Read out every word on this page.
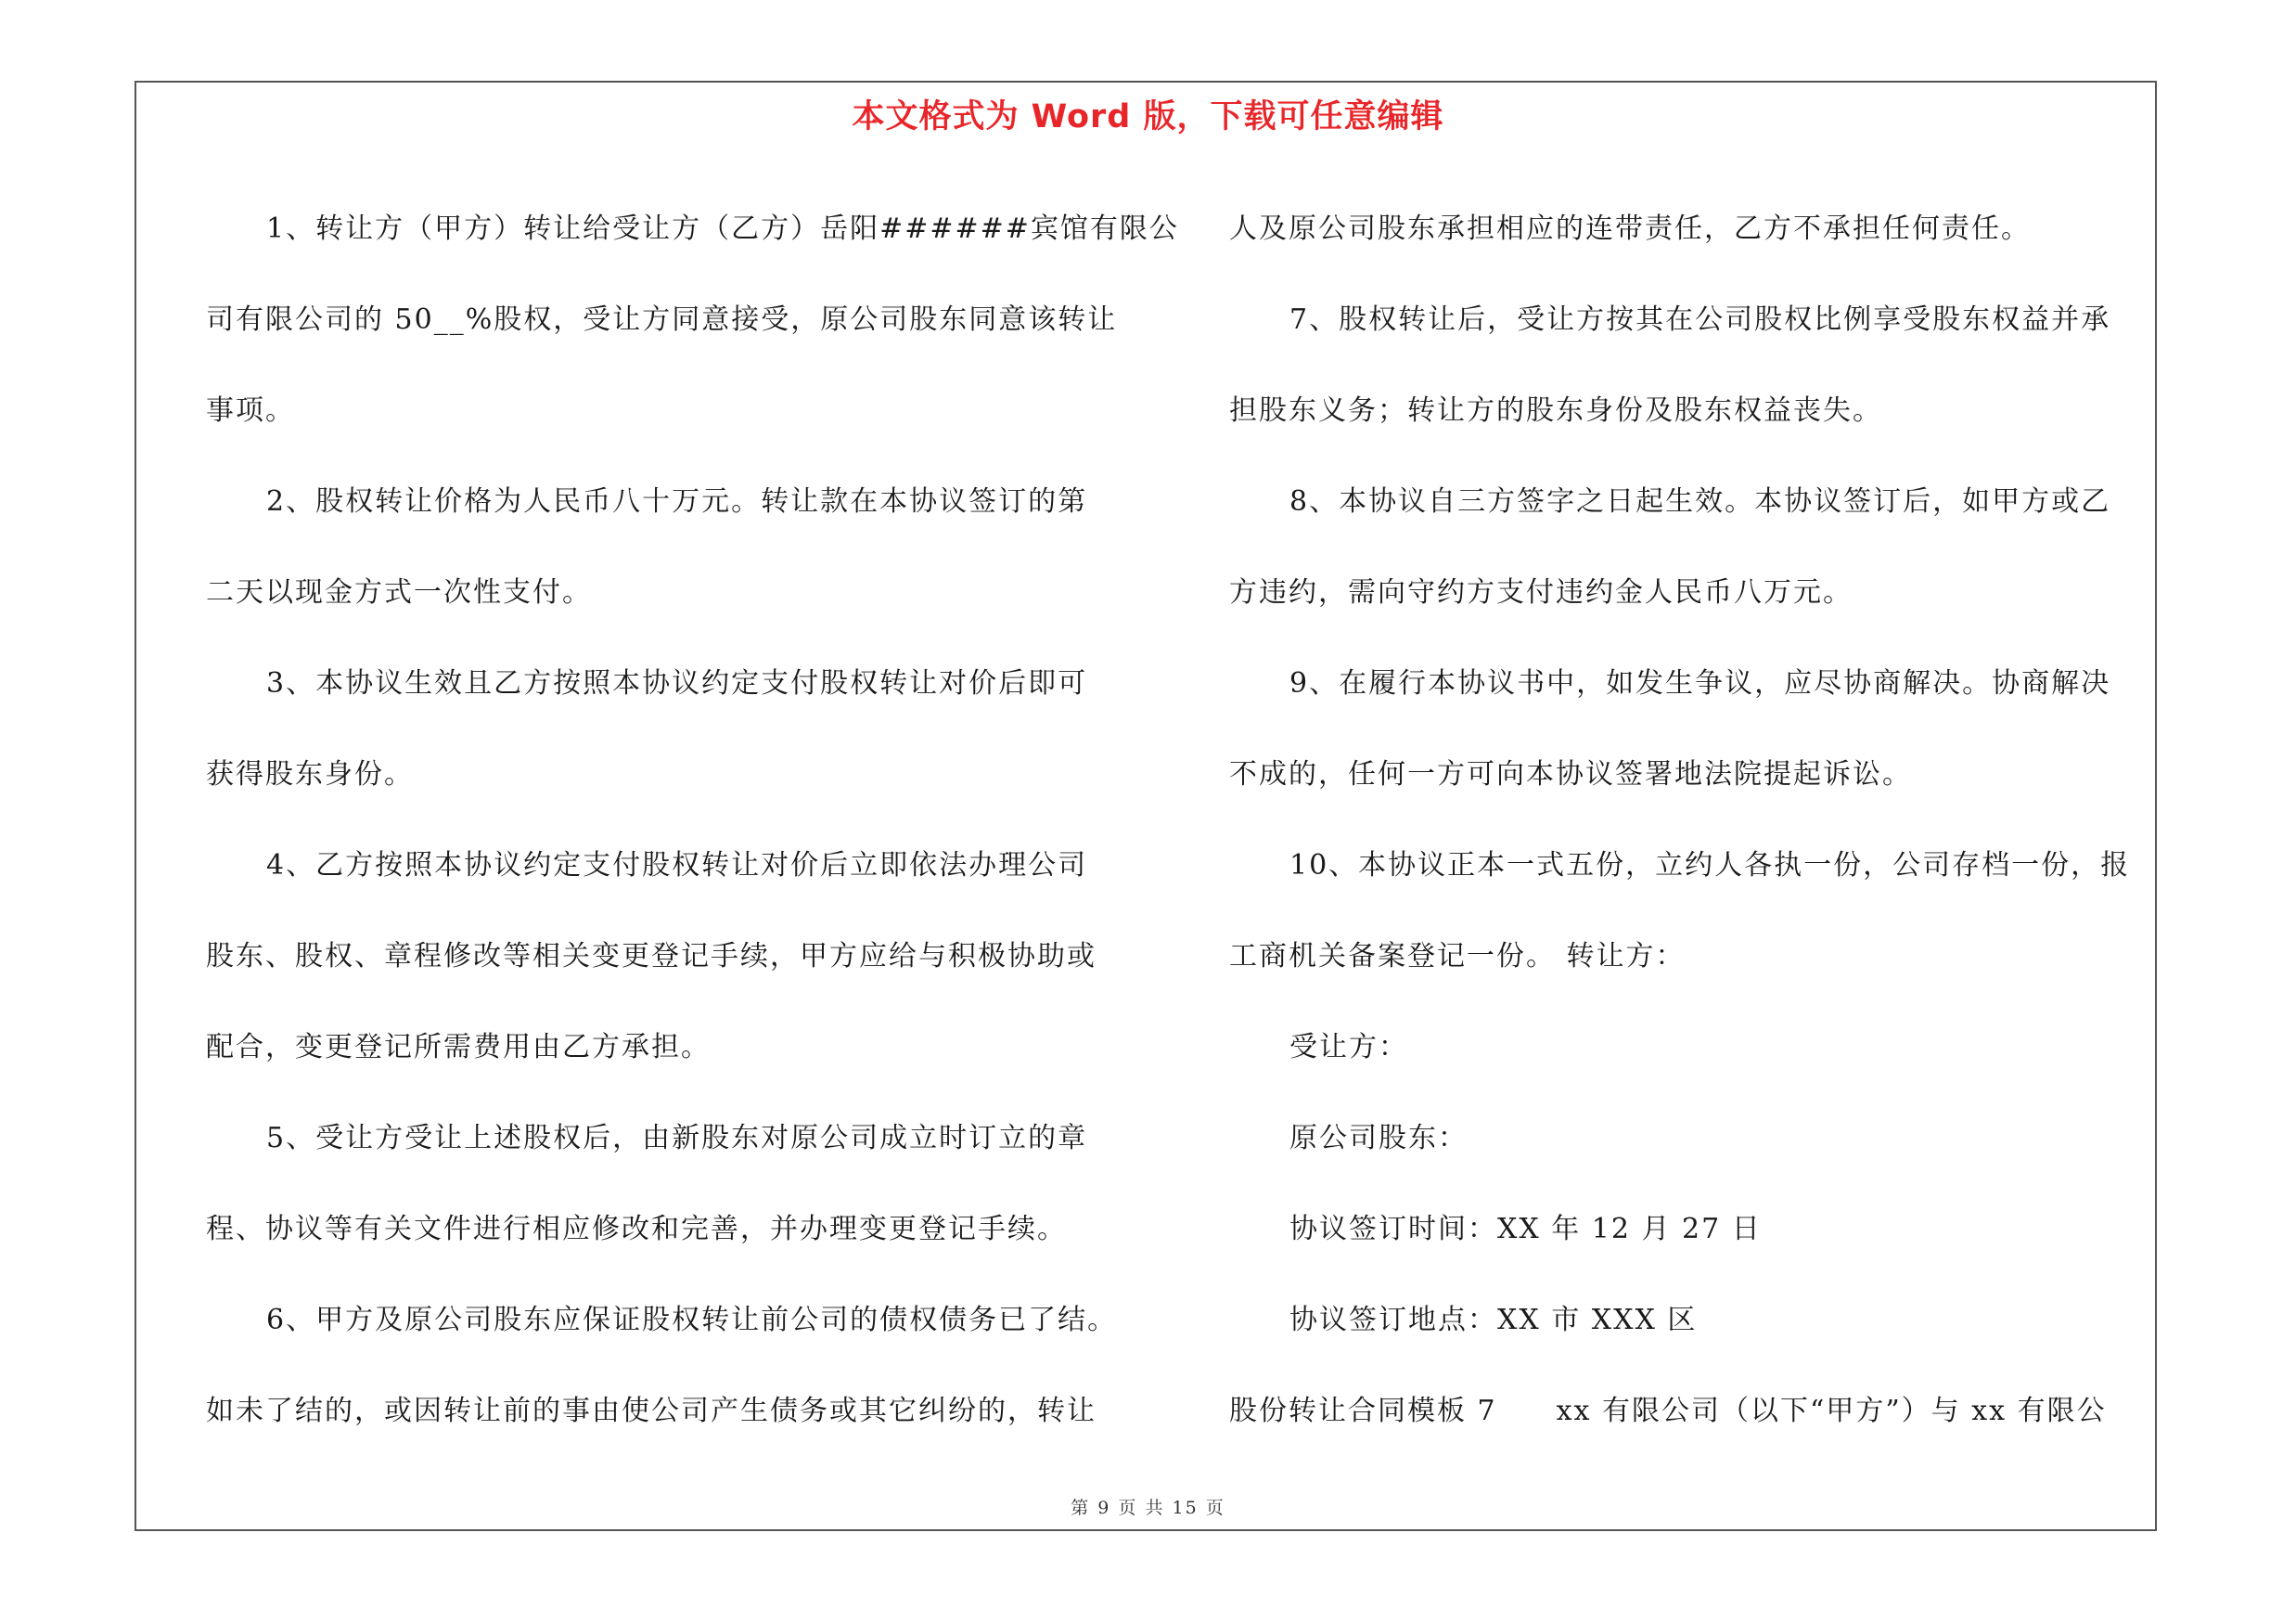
本文格式为 Word 版，下载可任意编辑
1、转让方（甲方）转让给受让方（乙方）岳阳######宾馆有限公
司有限公司的 50__%股权，受让方同意接受，原公司股东同意该转让
事项。
2、股权转让价格为人民币八十万元。转让款在本协议签订的第
二天以现金方式一次性支付。
3、本协议生效且乙方按照本协议约定支付股权转让对价后即可
获得股东身份。
4、乙方按照本协议约定支付股权转让对价后立即依法办理公司
股东、股权、章程修改等相关变更登记手续，甲方应给与积极协助或
配合，变更登记所需费用由乙方承担。
5、受让方受让上述股权后，由新股东对原公司成立时订立的章
程、协议等有关文件进行相应修改和完善，并办理变更登记手续。
6、甲方及原公司股东应保证股权转让前公司的债权债务已了结。
如未了结的，或因转让前的事由使公司产生债务或其它纠纷的，转让
人及原公司股东承担相应的连带责任，乙方不承担任何责任。
7、股权转让后，受让方按其在公司股权比例享受股东权益并承
担股东义务；转让方的股东身份及股东权益丧失。
8、本协议自三方签字之日起生效。本协议签订后，如甲方或乙
方违约，需向守约方支付违约金人民币八万元。
9、在履行本协议书中，如发生争议，应尽协商解决。协商解决
不成的，任何一方可向本协议签署地法院提起诉讼。
10、本协议正本一式五份，立约人各执一份，公司存档一份，报
工商机关备案登记一份。 转让方：
受让方：
原公司股东：
协议签订时间：XX 年 12 月 27 日
协议签订地点：XX 市 XXX 区
股份转让合同模板 7　　xx 有限公司（以下“甲方”）与 xx 有限公
第 9 页 共 15 页
